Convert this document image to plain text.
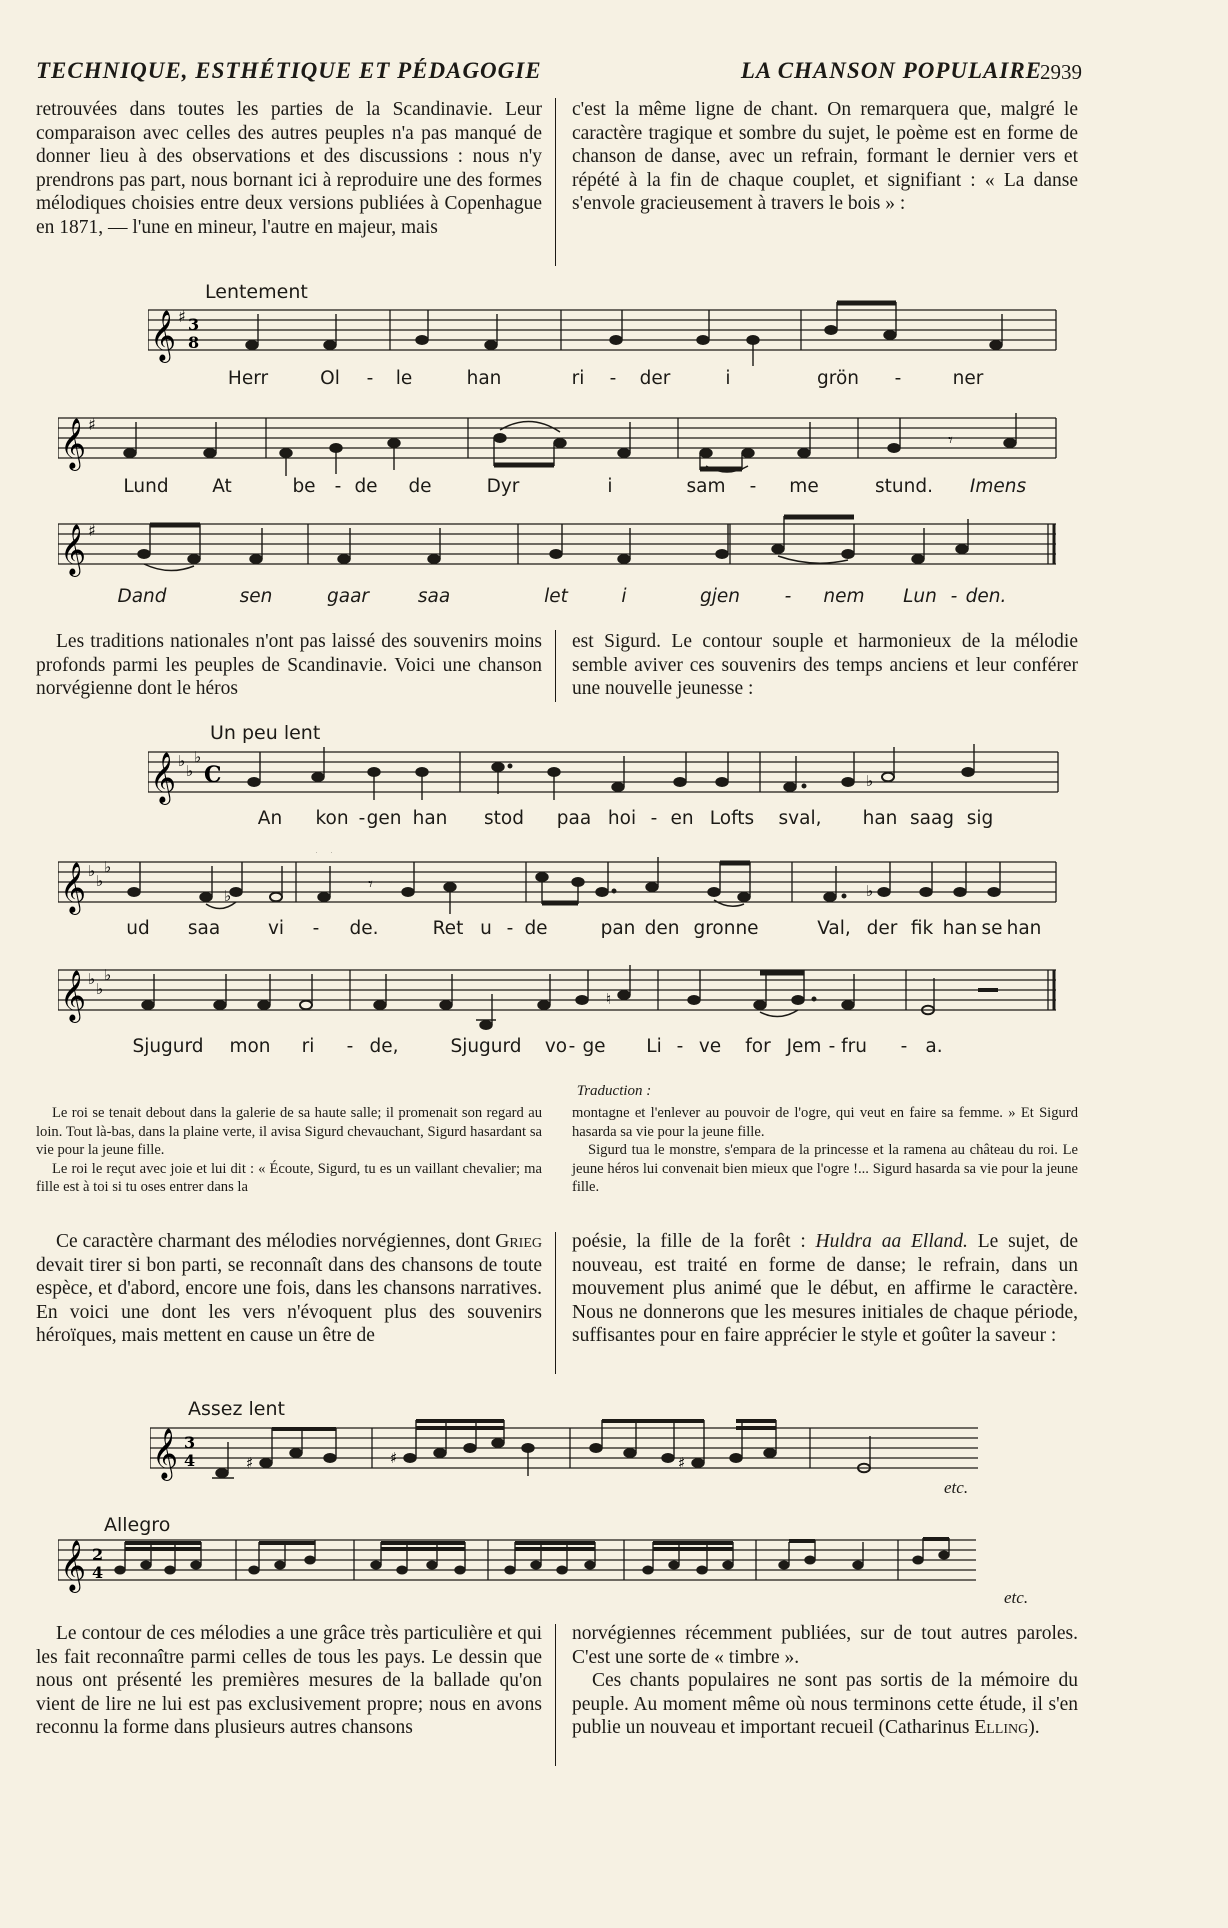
TECHNIQUE, ESTHÉTIQUE ET PÉDAGOGIE	LA CHANSON POPULAIRE
2939

retrouvées dans toutes les parties de la Scandinavie. Leur comparaison avec celles des autres peuples n'a pas manqué de donner lieu à des observations et des discussions : nous n'y prendrons pas part, nous bornant ici à reproduire une des formes mélodiques choisies entre deux versions publiées à Copenhague en 1871, — l'une en mineur, l'autre en majeur, mais

c'est la même ligne de chant. On remarquera que, malgré le caractère tragique et sombre du sujet, le poème est en forme de chanson de danse, avec un refrain, formant le dernier vers et répété à la fin de chaque couplet, et signifiant : « La danse s'envole gracieusement à travers le bois » :

Lentement
𝄞 ♯ 3
8
Herr	Ol - le	han	ri - der	i	grön -	ner
𝄞 ♯
𝄾
Lund At	be - de de	Dyr	i	sam - me	stund. Imens
𝄞 ♯
Dand	sen	gaar	saa	let	i	gjen - nem Lun - den.

Les traditions nationales n'ont pas laissé des souvenirs moins profonds parmi les peuples de Scandinavie. Voici une chanson norvégienne dont le héros

est Sigurd. Le contour souple et harmonieux de la mélodie semble aviver ces souvenirs des temps anciens et leur conférer une nouvelle jeunesse :

Un peu lent
𝄞 ♭
♭
♭
C	♭
An kon - gen han stod paa hoi - en Lofts sval, han saag sig
𝄞 ♭
♭
♭
♭	♭
𝄾
ud saa	vi - de.	Ret u - de	pan den gronne	Val, der fik han se han
𝄞 ♭
♭
♭
♮
Sjugurd mon ri - de,	Sjugurd vo - ge Li - ve for Jem - fru - a.
Traduction :

Le roi se tenait debout dans la galerie de sa haute salle; il promenait son regard au loin. Tout là-bas, dans la plaine verte, il avisa Sigurd chevauchant, Sigurd hasardant sa vie pour la jeune fille.

Le roi le reçut avec joie et lui dit : « Écoute, Sigurd, tu es un vaillant chevalier; ma fille est à toi si tu oses entrer dans la

montagne et l'enlever au pouvoir de l'ogre, qui veut en faire sa femme. » Et Sigurd hasarda sa vie pour la jeune fille.

Sigurd tua le monstre, s'empara de la princesse et la ramena au château du roi. Le jeune héros lui convenait bien mieux que l'ogre !... Sigurd hasarda sa vie pour la jeune fille.

Ce caractère charmant des mélodies norvégiennes, dont Grieg devait tirer si bon parti, se reconnaît dans des chansons de toute espèce, et d'abord, encore une fois, dans les chansons narratives. En voici une dont les vers n'évoquent plus des souvenirs héroïques, mais mettent en cause un être de

poésie, la fille de la forêt : Huldra aa Elland. Le sujet, de nouveau, est traité en forme de danse; le refrain, dans un mouvement plus animé que le début, en affirme le caractère. Nous ne donnerons que les mesures initiales de chaque période, suffisantes pour en faire apprécier le style et goûter la saveur :

Assez lent
𝄞 3
4	♯	♯	♯
etc.
Allegro
𝄞 2
4
etc.

Le contour de ces mélodies a une grâce très particulière et qui les fait reconnaître parmi celles de tous les pays. Le dessin que nous ont présenté les premières mesures de la ballade qu'on vient de lire ne lui est pas exclusivement propre; nous en avons reconnu la forme dans plusieurs autres chansons

norvégiennes récemment publiées, sur de tout autres paroles. C'est une sorte de « timbre ».

Ces chants populaires ne sont pas sortis de la mémoire du peuple. Au moment même où nous terminons cette étude, il s'en publie un nouveau et important recueil (Catharinus Elling).
